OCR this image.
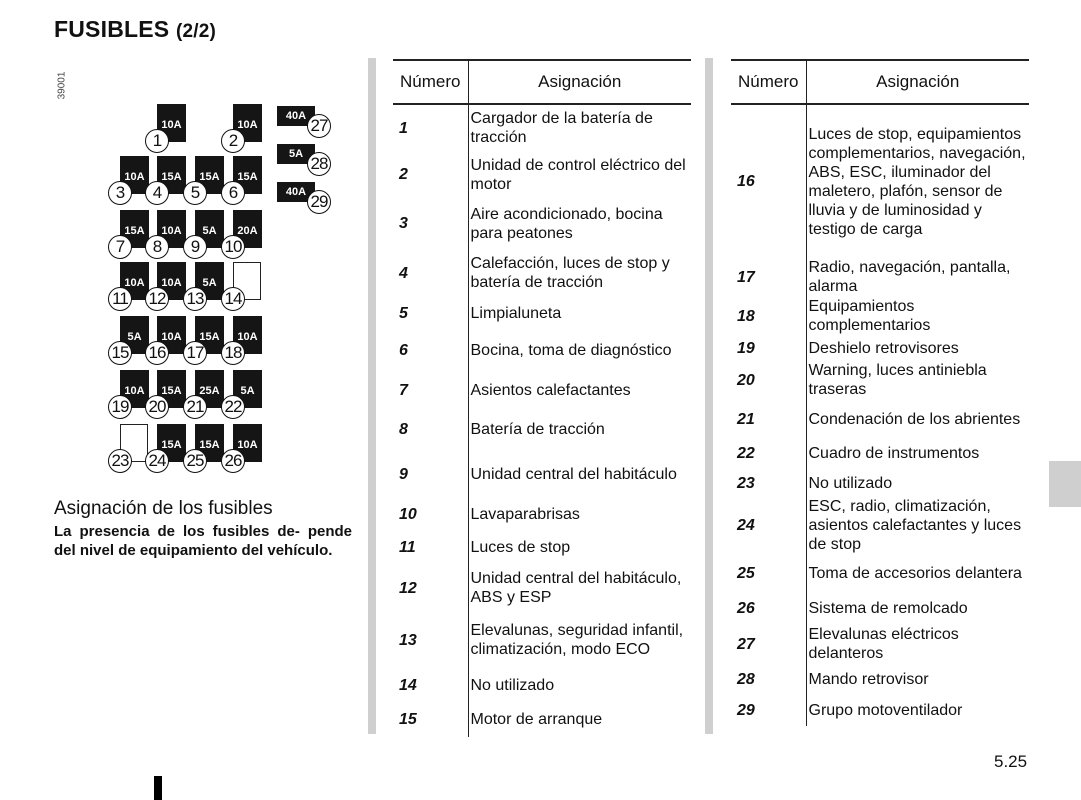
FUSIBLES (2/2)
39001
10A
1
10A
2
10A
3
15A
4
15A
5
15A
6
15A
7
10A
8
5A
9
20A
10
10A
11
10A
12
5A
13 14
5A
15
10A
16
15A
17
10A
18
10A
19
15A
20
25A
21
5A
22
23
15A
24
15A
25
10A
26
40A 27
5A 28
40A 29
Asignación de los fusibles

La presencia de los fusibles de- pende del nivel de equipamiento del vehículo.

Número	Asignación
1	Cargador de la batería de tracción
2	Unidad de control eléctrico del motor
3	Aire acondicionado, bocina para peatones
4	Calefacción, luces de stop y batería de tracción
5	Limpialuneta
6	Bocina, toma de diagnóstico
7	Asientos calefactantes
8	Batería de tracción
9	Unidad central del habitáculo
10	Lavaparabrisas
11	Luces de stop
12	Unidad central del habitáculo, ABS y ESP
13	Elevalunas, seguridad infantil, climatización, modo ECO
14	No utilizado
15	Motor de arranque
Número	Asignación
16	Luces de stop, equipamientos complementarios, navegación, ABS, ESC, iluminador del maletero, plafón, sensor de lluvia y de luminosidad y testigo de carga
17	Radio, navegación, pantalla, alarma
18	Equipamientos complementarios
19	Deshielo retrovisores
20	Warning, luces antiniebla traseras
21	Condenación de los abrientes
22	Cuadro de instrumentos
23	No utilizado
24	ESC, radio, climatización, asientos calefactantes y luces de stop
25	Toma de accesorios delantera
26	Sistema de remolcado
27	Elevalunas eléctricos delanteros
28	Mando retrovisor
29	Grupo motoventilador
5.25
